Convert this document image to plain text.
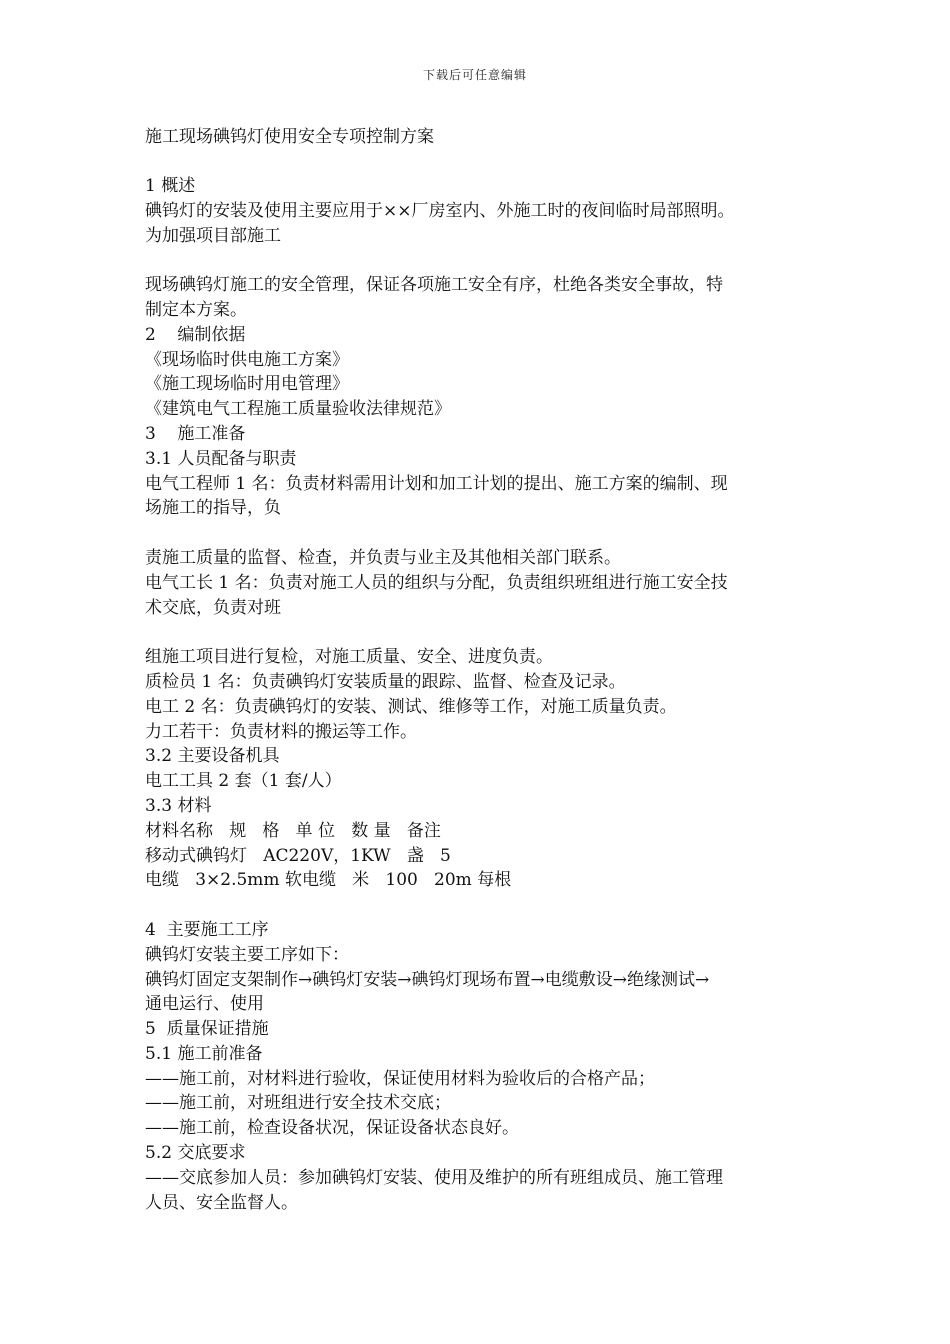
下载后可任意编辑
施工现场碘钨灯使用安全专项控制方案
1 概述
碘钨灯的安装及使用主要应用于××厂房室内、外施工时的夜间临时局部照明。
为加强项目部施工
现场碘钨灯施工的安全管理，保证各项施工安全有序，杜绝各类安全事故，特
制定本方案。
2    编制依据
《现场临时供电施工方案》
《施工现场临时用电管理》
《建筑电气工程施工质量验收法律规范》
3    施工准备
3.1 人员配备与职责
电气工程师 1 名：负责材料需用计划和加工计划的提出、施工方案的编制、现
场施工的指导，负
责施工质量的监督、检查，并负责与业主及其他相关部门联系。
电气工长 1 名：负责对施工人员的组织与分配，负责组织班组进行施工安全技
术交底，负责对班
组施工项目进行复检，对施工质量、安全、进度负责。
质检员 1 名：负责碘钨灯安装质量的跟踪、监督、检查及记录。
电工 2 名：负责碘钨灯的安装、测试、维修等工作，对施工质量负责。
力工若干：负责材料的搬运等工作。
3.2 主要设备机具
电工工具 2 套（1 套/人）
3.3 材料
材料名称   规   格   单 位   数 量   备注
移动式碘钨灯   AC220V，1KW   盏   5
电缆   3×2.5mm 软电缆   米   100   20m 每根
4  主要施工工序
碘钨灯安装主要工序如下：
碘钨灯固定支架制作→碘钨灯安装→碘钨灯现场布置→电缆敷设→绝缘测试→
通电运行、使用
5  质量保证措施
5.1 施工前准备
——施工前，对材料进行验收，保证使用材料为验收后的合格产品；
——施工前，对班组进行安全技术交底；
——施工前，检查设备状况，保证设备状态良好。
5.2 交底要求
——交底参加人员：参加碘钨灯安装、使用及维护的所有班组成员、施工管理
人员、安全监督人。
